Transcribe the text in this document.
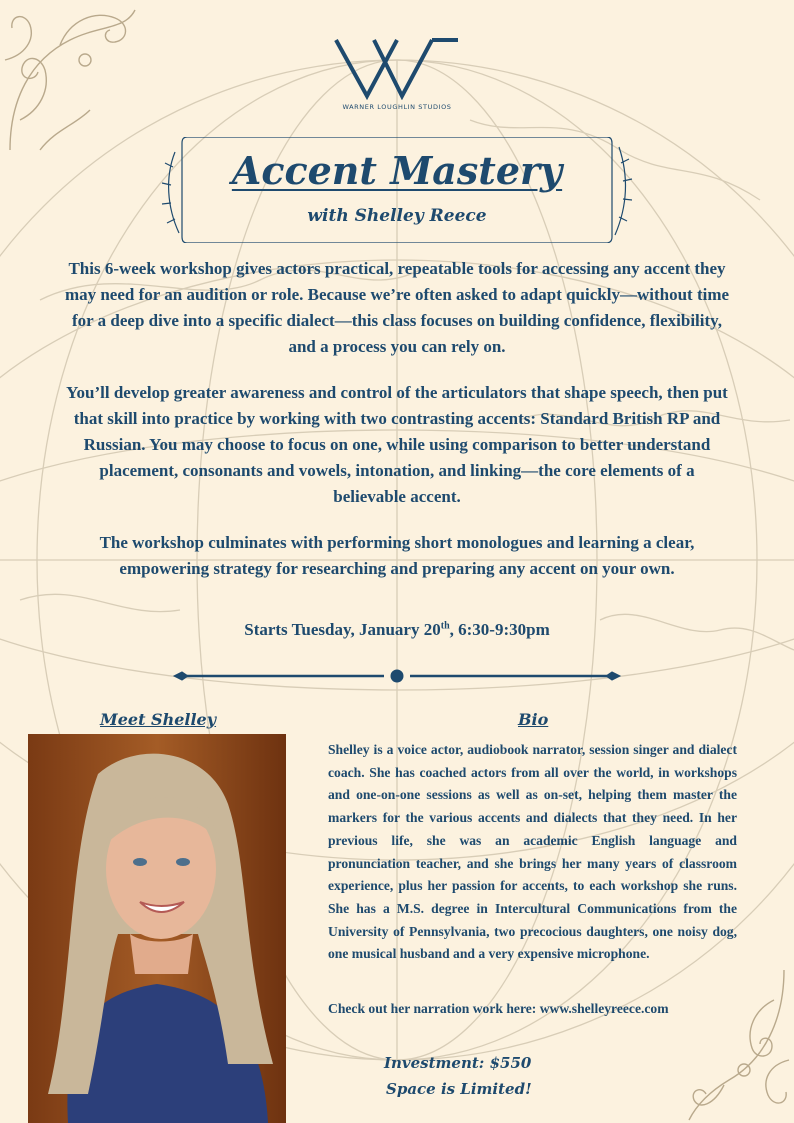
WARNER LOUGHLIN STUDIOS
Accent Mastery
with Shelley Reece

This 6-week workshop gives actors practical, repeatable tools for accessing any accent they may need for an audition or role. Because we’re often asked to adapt quickly—without time for a deep dive into a specific dialect—this class focuses on building confidence, flexibility, and a process you can rely on.

You’ll develop greater awareness and control of the articulators that shape speech, then put that skill into practice by working with two contrasting accents: Standard British RP and Russian. You may choose to focus on one, while using comparison to better understand placement, consonants and vowels, intonation, and linking—the core elements of a believable accent.

The workshop culminates with performing short monologues and learning a clear, empowering strategy for researching and preparing any accent on your own.

Starts Tuesday, January 20th, 6:30-9:30pm
Meet Shelley	Bio

Shelley is a voice actor, audiobook narrator, session singer and dialect coach. She has coached actors from all over the world, in workshops and one-on-one sessions as well as on-set, helping them master the markers for the various accents and dialects that they need. In her previous life, she was an academic English language and pronunciation teacher, and she brings her many years of classroom experience, plus her passion for accents, to each workshop she runs. She has a M.S. degree in Intercultural Communications from the University of Pennsylvania, two precocious daughters, one noisy dog, one musical husband and a very expensive microphone.

Check out her narration work here: www.shelleyreece.com
Investment: $550
Space is Limited!
